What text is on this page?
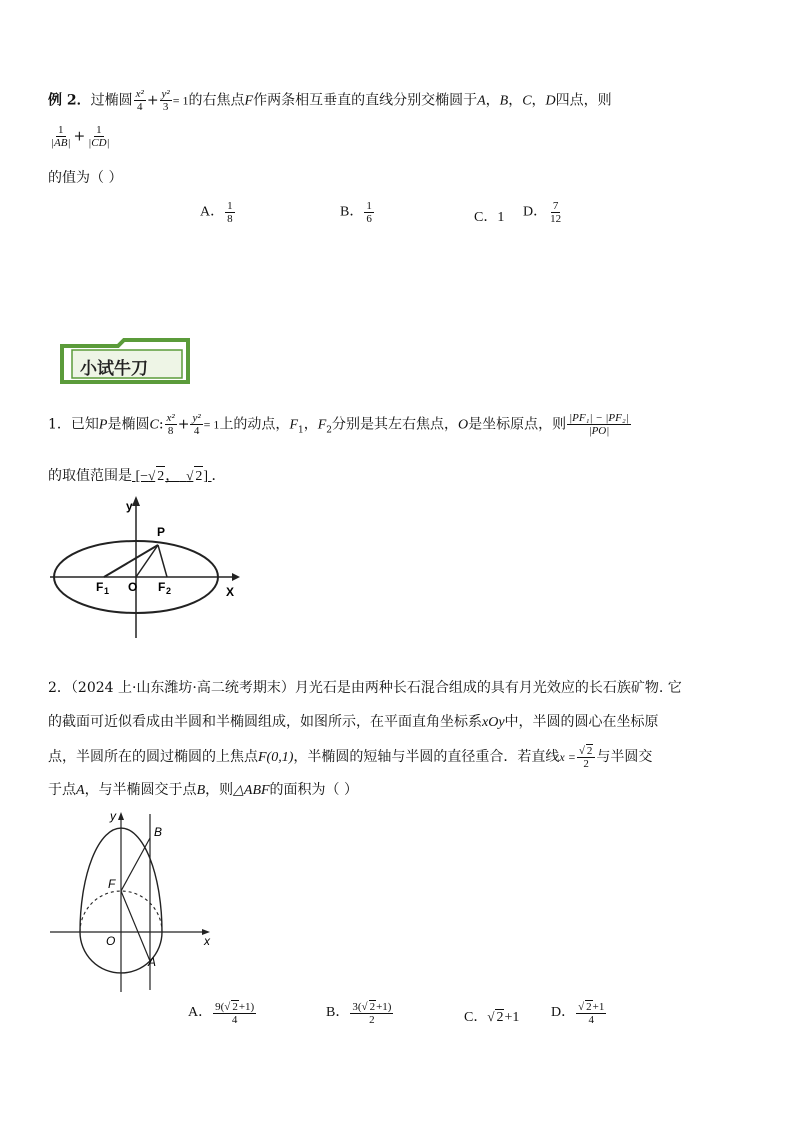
例 2．过椭圆 $\frac{\text{x²}}{4} + \frac{\text{y²}}{3} = 1$的右焦点F作两条相互垂直的直线分别交椭圆于A，B，C，D四点，则
$\frac{1}{|AB|} + \frac{1}{|CD|}$
的值为（ ）
A． $\frac{1}{8}$	B． $\frac{1}{6}$	C．1 D． $\frac{7}{12}$
小试牛刀
1．已知P是椭圆C: $\frac{\text{x²}}{8} + \frac{\text{y²}}{4} = 1$上的动点，$F_1$，$F_2$分别是其左右焦点，O是坐标原点，则 $\frac{\text{|PF₁| − |PF₂|}}{|PO|}$
的取值范围是 [−√ 2， √ 2] ．
y
P
O
F 1	F 2	X
2．（2024 上·山东潍坊·高二统考期末）月光石是由两种长石混合组成的具有月光效应的长石族矿物. 它
的截面可近似看成由半圆和半椭圆组成，如图所示，在平面直角坐标系xOy中，半圆的圆心在坐标原
点，半圆所在的圆过椭圆的上焦点F(0,1)，半椭圆的短轴与半圆的直径重合．若直线$x = \frac{√ 2}{2}$ 与半圆交
于点A，与半椭圆交于点B，则△ABF的面积为（ ）
y
B
F
O	x
A
A． $\frac{9(√ 2+1)}{4}$	B． $\frac{3(√ 2+1)}{2}$	C．√ 2+1 D． $\frac{√ 2+1}{4}$
